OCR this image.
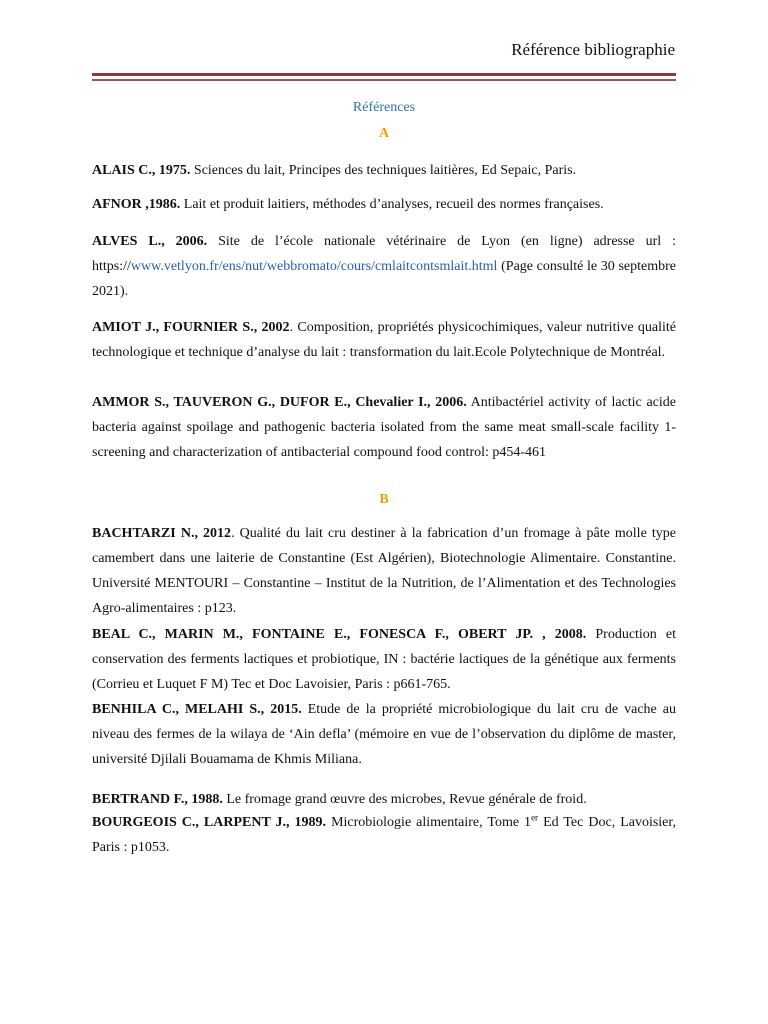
Référence bibliographie
Références
A

ALAIS C., 1975. Sciences du lait, Principes des techniques laitières, Ed Sepaic, Paris.

AFNOR ,1986. Lait et produit laitiers, méthodes d’analyses, recueil des normes françaises.

ALVES L., 2006. Site de l’école nationale vétérinaire de Lyon (en ligne) adresse url : https://www.vetlyon.fr/ens/nut/webbromato/cours/cmlaitcontsmlait.html (Page consulté le 30 septembre 2021).

AMIOT J., FOURNIER S., 2002. Composition, propriétés physicochimiques, valeur nutritive qualité technologique et technique d’analyse du lait : transformation du lait.Ecole Polytechnique de Montréal.

AMMOR S., TAUVERON G., DUFOR E., Chevalier I., 2006. Antibactériel activity of lactic acide bacteria against spoilage and pathogenic bacteria isolated from the same meat small-scale facility 1- screening and characterization of antibacterial compound food control: p454-461

B

BACHTARZI N., 2012. Qualité du lait cru destiner à la fabrication d’un fromage à pâte molle type camembert dans une laiterie de Constantine (Est Algérien), Biotechnologie Alimentaire. Constantine. Université MENTOURI – Constantine – Institut de la Nutrition, de l’Alimentation et des Technologies Agro-alimentaires : p123.

BEAL C., MARIN M., FONTAINE E., FONESCA F., OBERT JP. , 2008. Production et conservation des ferments lactiques et probiotique, IN : bactérie lactiques de la génétique aux ferments (Corrieu et Luquet F M) Tec et Doc Lavoisier, Paris : p661-765.

BENHILA C., MELAHI S., 2015. Etude de la propriété microbiologique du lait cru de vache au niveau des fermes de la wilaya de ‘Ain defla’ (mémoire en vue de l’observation du diplôme de master, université Djilali Bouamama de Khmis Miliana.

BERTRAND F., 1988. Le fromage grand œuvre des microbes, Revue générale de froid.

BOURGEOIS C., LARPENT J., 1989. Microbiologie alimentaire, Tome 1er Ed Tec Doc, Lavoisier, Paris : p1053.
